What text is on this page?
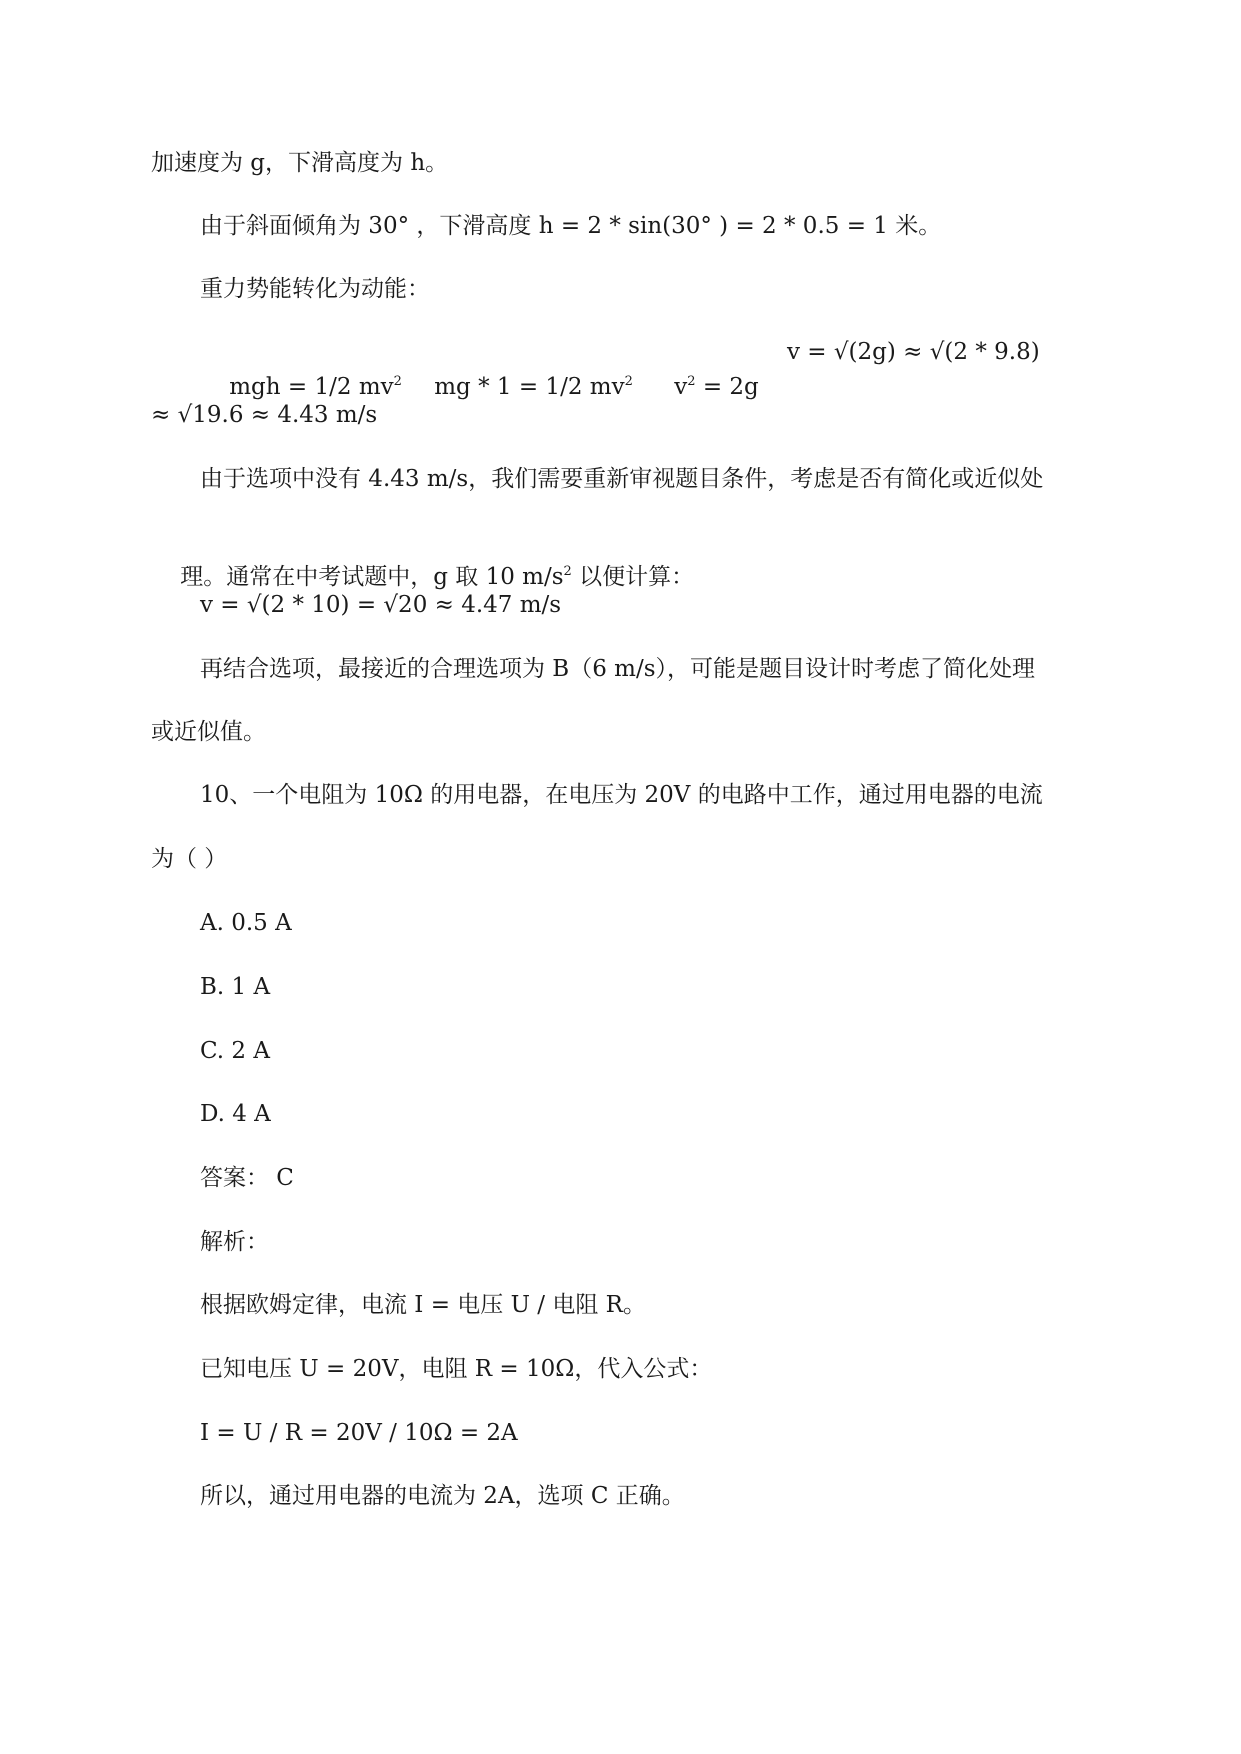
加速度为 g，下滑高度为 h。
由于斜面倾角为 30° ，下滑高度 h = 2 * sin(30° ) = 2 * 0.5 = 1 米。
重力势能转化为动能：

mgh = 1/2 $mv^2$
	mg * 1 = 1/2 $mv^2$
	$v^2 = 2g$

v = √(2g) ≈ √(2 * 9.8)
≈ √19.6 ≈ 4.43 m/s
由于选项中没有 4.43 m/s，我们需要重新审视题目条件，考虑是否有简化或近似处

理。通常在中考试题中，g 取 10 $m/s^2$ 以便计算：

v = √(2 * 10) = √20 ≈ 4.47 m/s
再结合选项，最接近的合理选项为 B（6 m/s），可能是题目设计时考虑了简化处理
或近似值。
10、一个电阻为 10Ω 的用电器，在电压为 20V 的电路中工作，通过用电器的电流
为（ ）
A. 0.5 A
B. 1 A
C. 2 A
D. 4 A
答案： C
解析：
根据欧姆定律，电流 I = 电压 U / 电阻 R。
已知电压 U = 20V，电阻 R = 10Ω，代入公式：
I = U / R = 20V / 10Ω = 2A
所以，通过用电器的电流为 2A，选项 C 正确。
